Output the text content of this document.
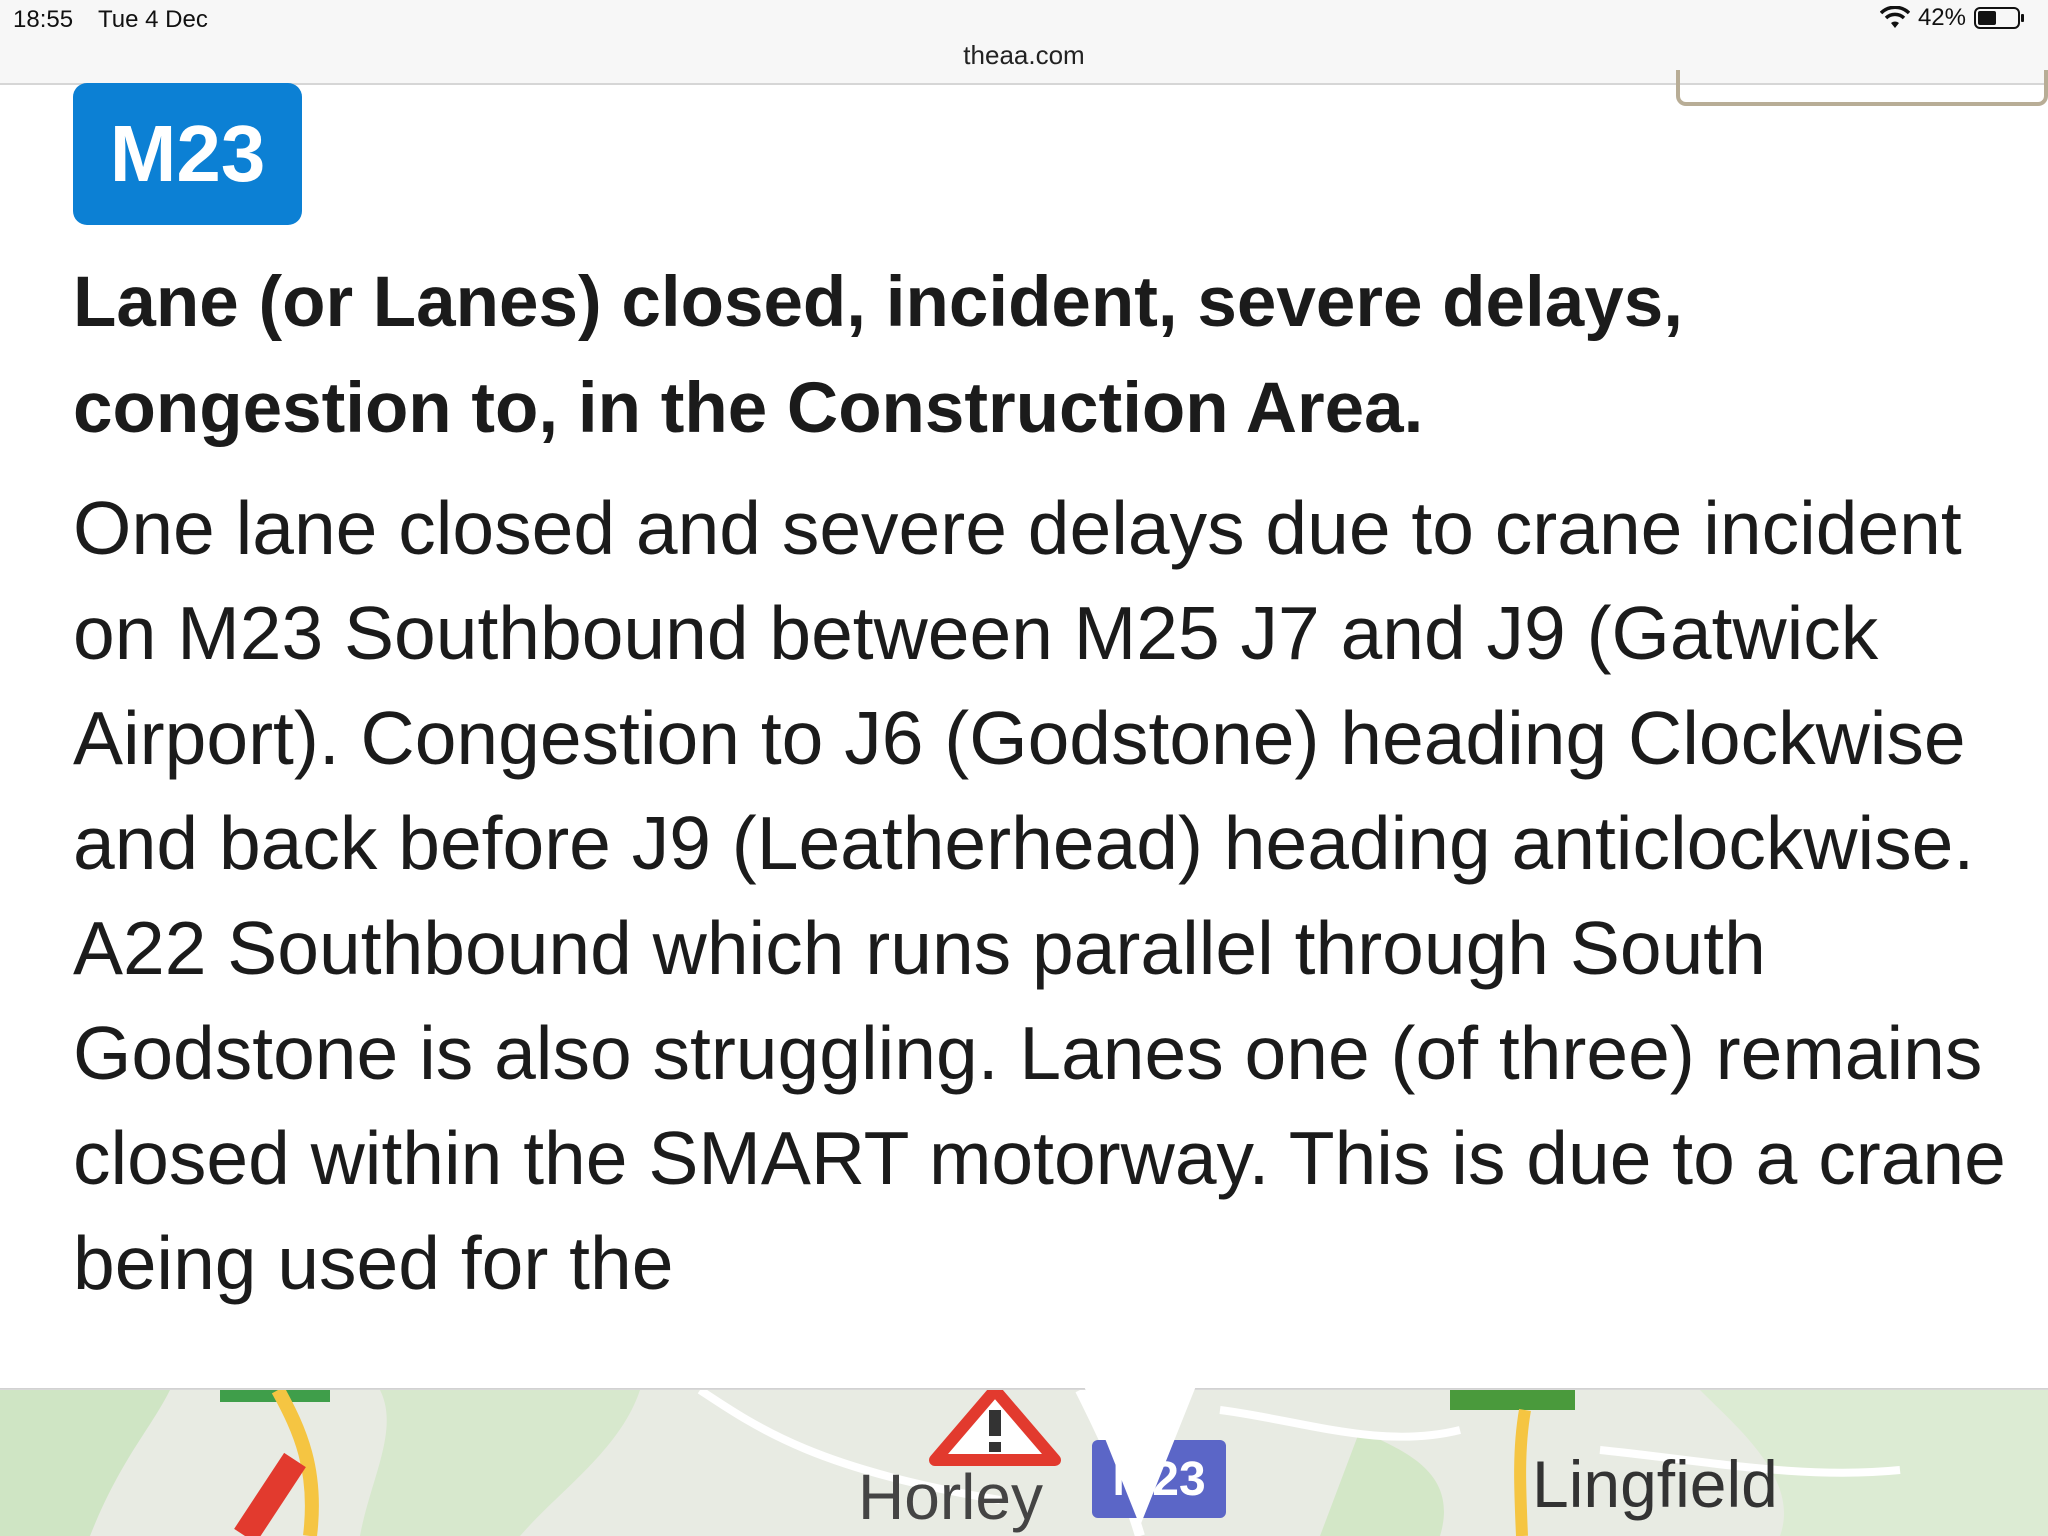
18:55 Tue 4 Dec	42%
theaa.com
M23
Lane (or Lanes) closed, incident, severe delays, congestion to, in the Construction Area.
One lane closed and severe delays due to crane incident on M23 Southbound between M25 J7 and J9 (Gatwick Airport). Congestion to J6 (Godstone) heading Clockwise and back before J9 (Leatherhead) heading anticlockwise. A22 Southbound which runs parallel through South Godstone is also struggling. Lanes one (of three) remains closed within the SMART motorway. This is due to a crane being used for the
M23
Horley	Lingfield
